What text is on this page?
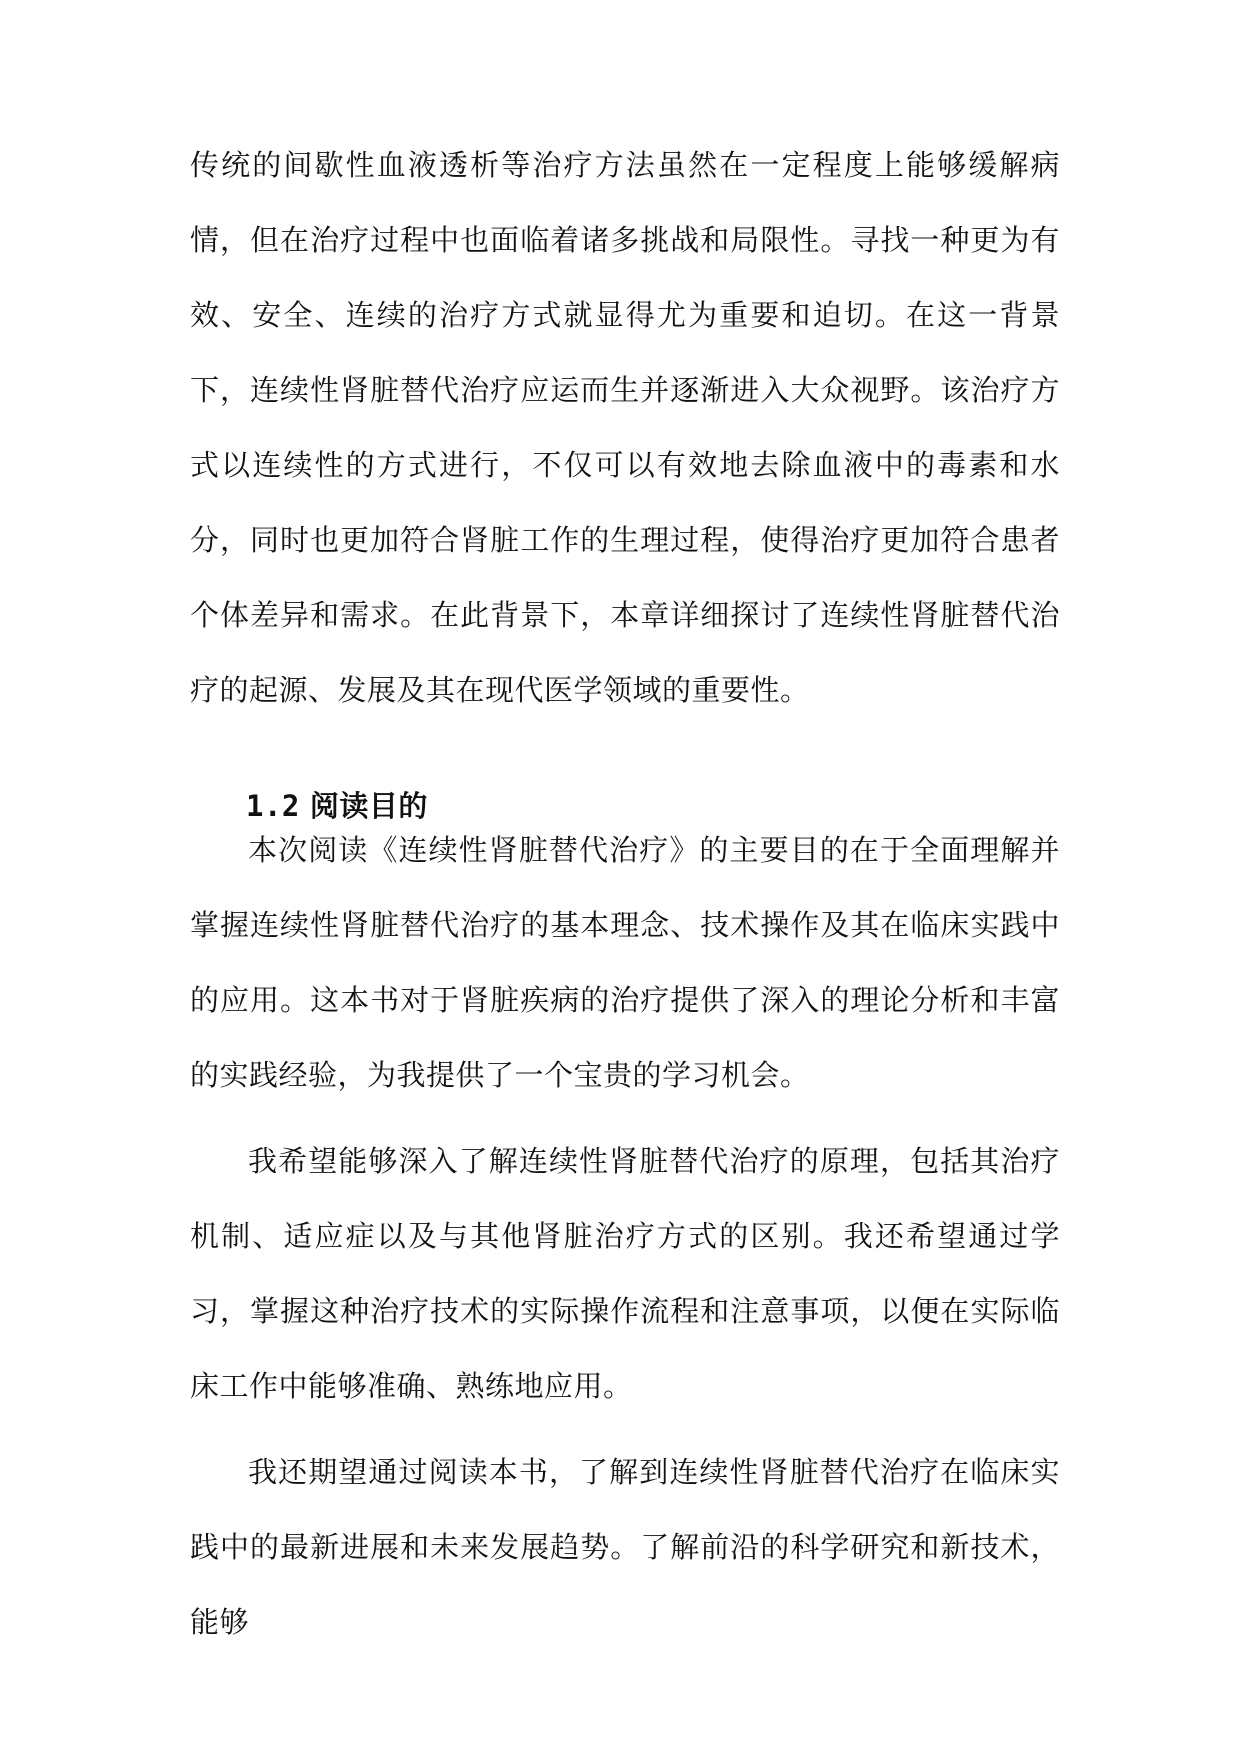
传统的间歇性血液透析等治疗方法虽然在一定程度上能够缓解病情，但在治疗过程中也面临着诸多挑战和局限性。寻找一种更为有效、安全、连续的治疗方式就显得尤为重要和迫切。在这一背景下，连续性肾脏替代治疗应运而生并逐渐进入大众视野。该治疗方式以连续性的方式进行，不仅可以有效地去除血液中的毒素和水分，同时也更加符合肾脏工作的生理过程，使得治疗更加符合患者个体差异和需求。在此背景下，本章详细探讨了连续性肾脏替代治疗的起源、发展及其在现代医学领域的重要性。

1.2 阅读目的

本次阅读《连续性肾脏替代治疗》的主要目的在于全面理解并掌握连续性肾脏替代治疗的基本理念、技术操作及其在临床实践中的应用。这本书对于肾脏疾病的治疗提供了深入的理论分析和丰富的实践经验，为我提供了一个宝贵的学习机会。

我希望能够深入了解连续性肾脏替代治疗的原理，包括其治疗机制、适应症以及与其他肾脏治疗方式的区别。我还希望通过学习，掌握这种治疗技术的实际操作流程和注意事项，以便在实际临床工作中能够准确、熟练地应用。

我还期望通过阅读本书，了解到连续性肾脏替代治疗在临床实践中的最新进展和未来发展趋势。了解前沿的科学研究和新技术，能够
